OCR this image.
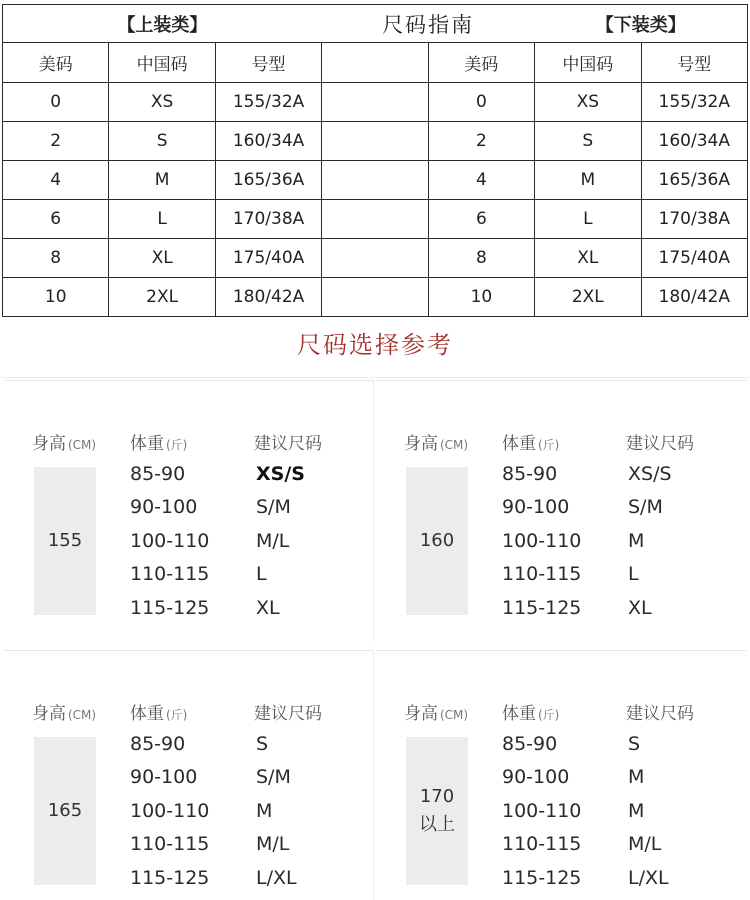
【上装类】			尺码指南		【下装类】	
美码	中国码	号型		美码	中国码	号型
0	XS	155/32A		0	XS	155/32A
2	S	160/34A		2	S	160/34A
4	M	165/36A		4	M	165/36A
6	L	170/38A		6	L	170/38A
8	XL	175/40A		8	XL	175/40A
10	2XL	180/42A		10	2XL	180/42A
尺码选择参考
身高 (CM) 体重 (斤)	建议尺码
155
85-90	XS/S
90-100	S/M
100-110 M/L
110-115 L
115-125 XL
身高 (CM) 体重 (斤)	建议尺码
160
85-90	XS/S
90-100	S/M
100-110 M
110-115 L
115-125 XL
身高 (CM) 体重 (斤)	建议尺码
165
85-90	S
90-100	S/M
100-110 M
110-115 M/L
115-125 L/XL
身高 (CM) 体重 (斤)	建议尺码
170
以上
85-90	S
90-100	M
100-110 M
110-115 M/L
115-125 L/XL
